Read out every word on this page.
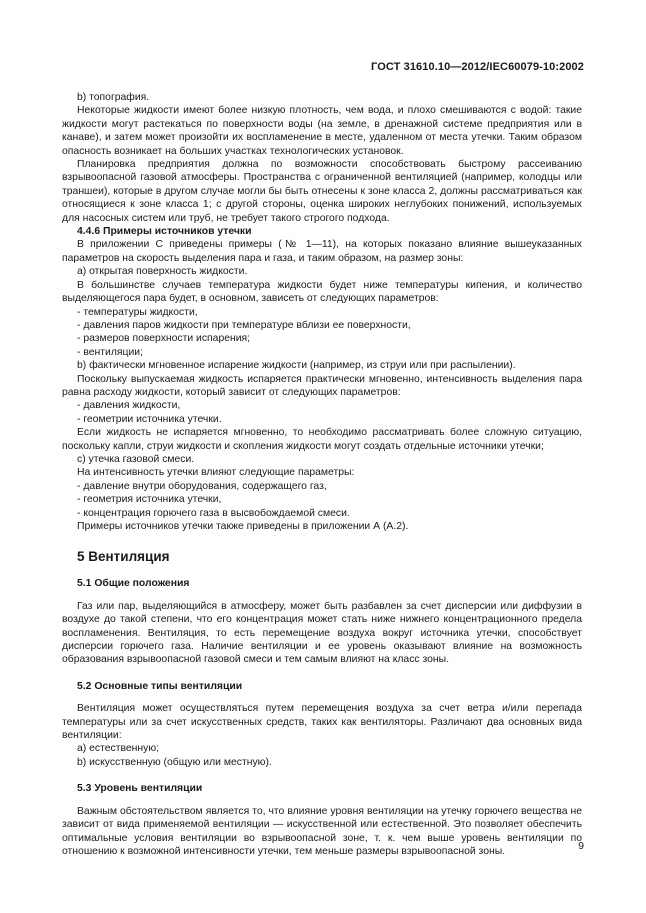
ГОСТ 31610.10—2012/IEC60079-10:2002

b) топография.

Некоторые жидкости имеют более низкую плотность, чем вода, и плохо смешиваются с водой: такие жидкости могут растекаться по поверхности воды (на земле, в дренажной системе предприятия или в канаве), и затем может произойти их воспламенение в месте, удаленном от места утечки. Таким образом опасность возникает на больших участках технологических установок.

Планировка предприятия должна по возможности способствовать быстрому рассеиванию взрывоопасной газовой атмосферы. Пространства с ограниченной вентиляцией (например, колодцы или траншеи), которые в другом случае могли бы быть отнесены к зоне класса 2, должны рассматриваться как относящиеся к зоне класса 1; с другой стороны, оценка широких неглубоких понижений, используемых для насосных систем или труб, не требует такого строгого подхода.

4.4.6 Примеры источников утечки

В приложении С приведены примеры (№ 1—11), на которых показано влияние вышеуказанных параметров на скорость выделения пара и газа, и таким образом, на размер зоны:

a) открытая поверхность жидкости.

В большинстве случаев температура жидкости будет ниже температуры кипения, и количество выделяющегося пара будет, в основном, зависеть от следующих параметров:

- температуры жидкости,

- давления паров жидкости при температуре вблизи ее поверхности,

- размеров поверхности испарения;

- вентиляции;

b) фактически мгновенное испарение жидкости (например, из струи или при распылении).

Поскольку выпускаемая жидкость испаряется практически мгновенно, интенсивность выделения пара равна расходу жидкости, который зависит от следующих параметров:

- давления жидкости,

- геометрии источника утечки.

Если жидкость не испаряется мгновенно, то необходимо рассматривать более сложную ситуацию, поскольку капли, струи жидкости и скопления жидкости могут создать отдельные источники утечки;

c) утечка газовой смеси.

На интенсивность утечки влияют следующие параметры:

- давление внутри оборудования, содержащего газ,

- геометрия источника утечки,

- концентрация горючего газа в высвобождаемой смеси.

Примеры источников утечки также приведены в приложении А (А.2).

5 Вентиляция
5.1 Общие положения

Газ или пар, выделяющийся в атмосферу, может быть разбавлен за счет дисперсии или диффузии в воздухе до такой степени, что его концентрация может стать ниже нижнего концентрационного предела воспламенения. Вентиляция, то есть перемещение воздуха вокруг источника утечки, способствует дисперсии горючего газа. Наличие вентиляции и ее уровень оказывают влияние на возможность образования взрывоопасной газовой смеси и тем самым влияют на класс зоны.

5.2 Основные типы вентиляции

Вентиляция может осуществляться путем перемещения воздуха за счет ветра и/или перепада температуры или за счет искусственных средств, таких как вентиляторы. Различают два основных вида вентиляции:

a) естественную;

b) искусственную (общую или местную).

5.3 Уровень вентиляции

Важным обстоятельством является то, что влияние уровня вентиляции на утечку горючего вещества не зависит от вида применяемой вентиляции — искусственной или естественной. Это позволяет обеспечить оптимальные условия вентиляции во взрывоопасной зоне, т. к. чем выше уровень вентиляции по отношению к возможной интенсивности утечки, тем меньше размеры взрывоопасной зоны.	9
